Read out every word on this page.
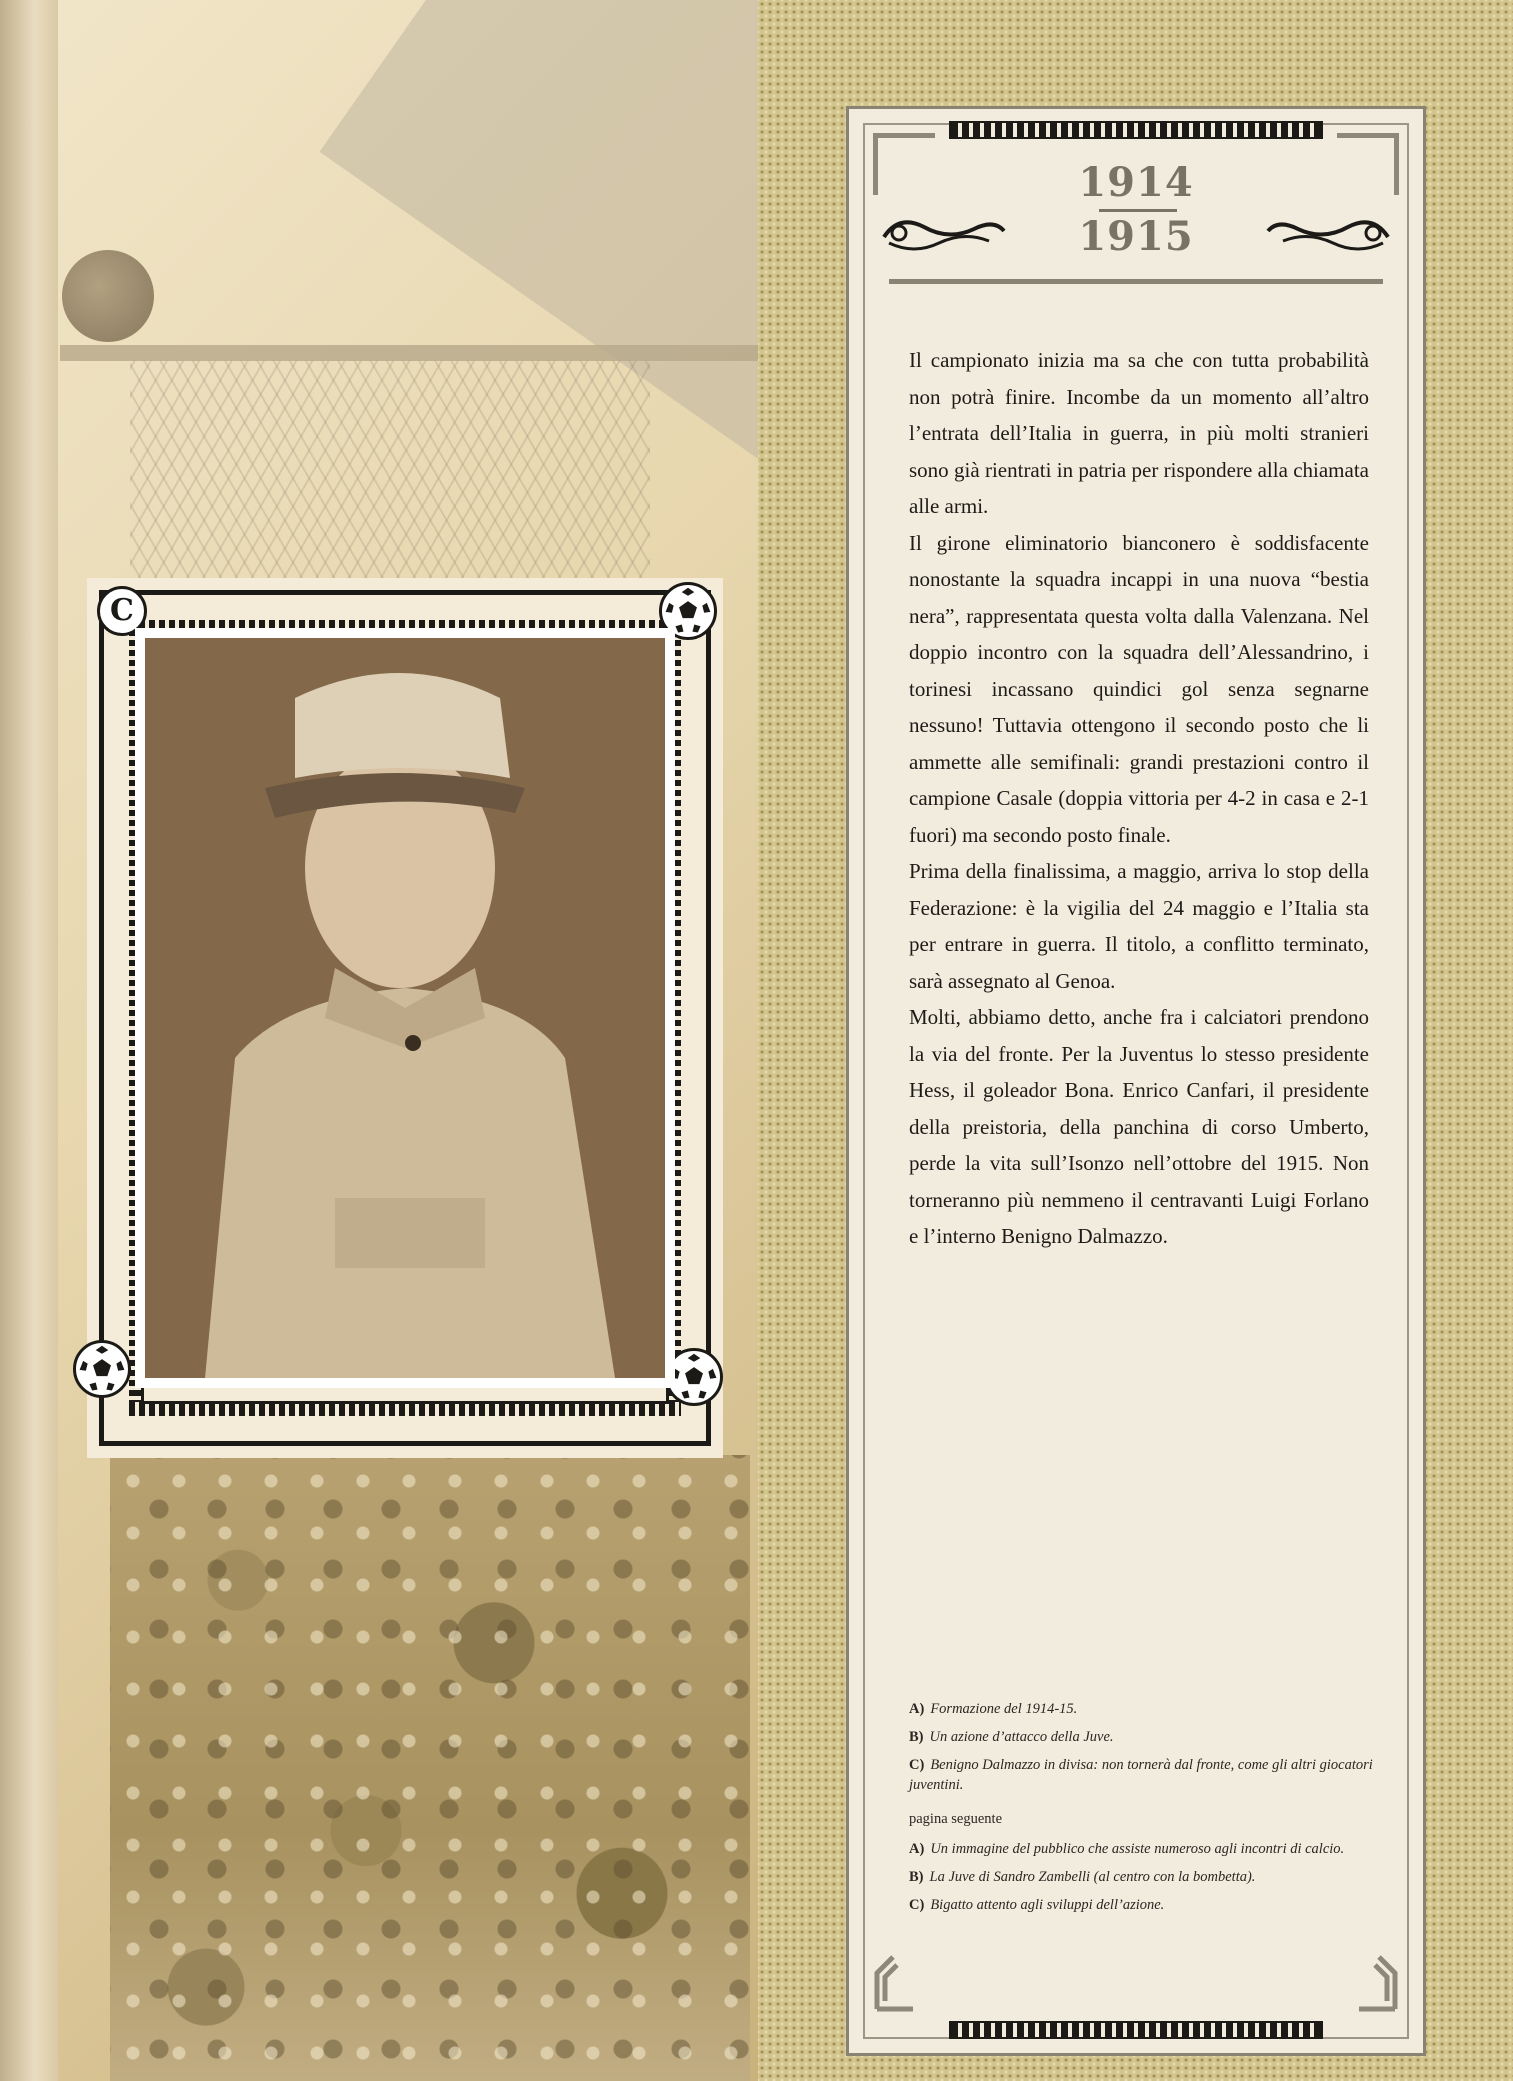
C
1914
1915

Il campionato inizia ma sa che con tutta probabilità non potrà finire. Incombe da un momento all’altro l’entrata dell’Italia in guerra, in più molti stranieri sono già rientrati in patria per rispondere alla chiamata alle armi.

Il girone eliminatorio bianconero è soddisfacente nonostante la squadra incappi in una nuova “bestia nera”, rappresentata questa volta dalla Valenzana. Nel doppio incontro con la squadra dell’Alessandrino, i torinesi incassano quindici gol senza segnarne nessuno! Tuttavia ottengono il secondo posto che li ammette alle semifinali: grandi prestazioni contro il campione Casale (doppia vittoria per 4-2 in casa e 2-1 fuori) ma secondo posto finale.

Prima della finalissima, a maggio, arriva lo stop della Federazione: è la vigilia del 24 maggio e l’Italia sta per entrare in guerra. Il titolo, a conflitto terminato, sarà assegnato al Genoa.

Molti, abbiamo detto, anche fra i calciatori prendono la via del fronte. Per la Juventus lo stesso presidente Hess, il goleador Bona. Enrico Canfari, il presidente della preistoria, della panchina di corso Umberto, perde la vita sull’Isonzo nell’ottobre del 1915. Non torneranno più nemmeno il centravanti Luigi Forlano e l’interno Benigno Dalmazzo.

A) Formazione del 1914-15.
B) Un azione d’attacco della Juve.
C) Benigno Dalmazzo in divisa: non tornerà dal fronte, come gli altri giocatori juventini.
pagina seguente
A) Un immagine del pubblico che assiste numeroso agli incontri di calcio.
B) La Juve di Sandro Zambelli (al centro con la bombetta).
C) Bigatto attento agli sviluppi dell’azione.
